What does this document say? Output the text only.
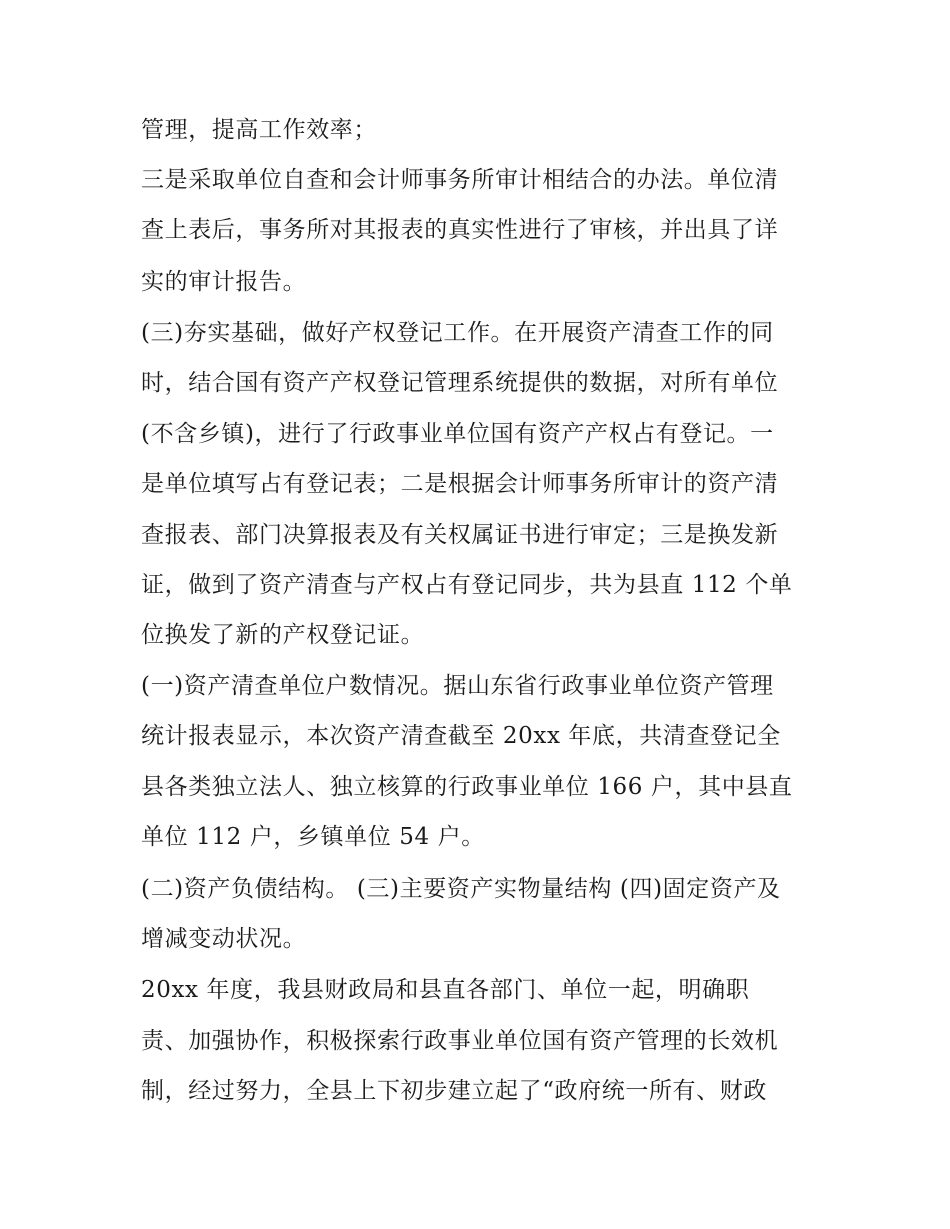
管理，提高工作效率；
三是采取单位自查和会计师事务所审计相结合的办法。单位清
查上表后，事务所对其报表的真实性进行了审核，并出具了详
实的审计报告。
(三)夯实基础，做好产权登记工作。在开展资产清查工作的同
时，结合国有资产产权登记管理系统提供的数据，对所有单位
(不含乡镇)，进行了行政事业单位国有资产产权占有登记。一
是单位填写占有登记表；二是根据会计师事务所审计的资产清
查报表、部门决算报表及有关权属证书进行审定；三是换发新
证，做到了资产清查与产权占有登记同步，共为县直 112 个单
位换发了新的产权登记证。
(一)资产清查单位户数情况。据山东省行政事业单位资产管理
统计报表显示，本次资产清查截至 20xx 年底，共清查登记全
县各类独立法人、独立核算的行政事业单位 166 户，其中县直
单位 112 户，乡镇单位 54 户。
(二)资产负债结构。 (三)主要资产实物量结构 (四)固定资产及
增减变动状况。
20xx 年度，我县财政局和县直各部门、单位一起，明确职
责、加强协作，积极探索行政事业单位国有资产管理的长效机
制，经过努力，全县上下初步建立起了“政府统一所有、财政
